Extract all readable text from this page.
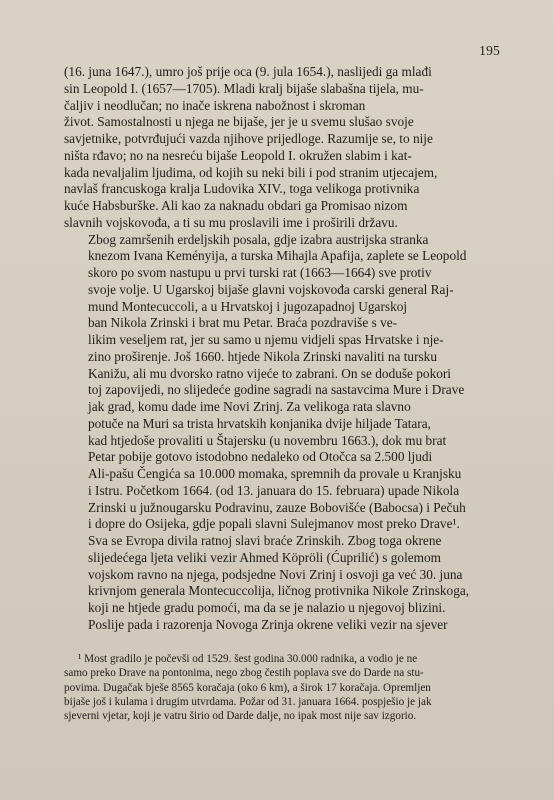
195

(16. juna 1647.), umro još prije oca (9. jula 1654.), naslijedi ga mlađi
sin Leopold I. (1657—1705). Mladi kralj bijaše slabašna tijela, mu-
čaljiv i neodlučan; no inače iskrena nabožnost i skroman
život. Samostalnosti u njega ne bijaše, jer je u svemu slušao svoje
savjetnike, potvrđujući vazda njihove prijedloge. Razumije se, to nije
ništa rđavo; no na nesreću bijaše Leopold I. okružen slabim i kat-
kada nevaljalim ljudima, od kojih su neki bili i pod stranim utjecajem,
navlaš francuskoga kralja Ludovika XIV., toga velikoga protivnika
kuće Habsburške. Ali kao za naknadu obdari ga Promisao nizom
slavnih vojskovođa, a ti su mu proslavili ime i proširili državu.

Zbog zamršenih erdeljskih posala, gdje izabra austrijska stranka
knezom Ivana Keményija, a turska Mihajla Apafija, zaplete se Leopold
skoro po svom nastupu u prvi turski rat (1663—1664) sve protiv
svoje volje. U Ugarskoj bijaše glavni vojskovođa carski general Raj-
mund Montecuccoli, a u Hrvatskoj i jugozapadnoj Ugarskoj
ban Nikola Zrinski i brat mu Petar. Braća pozdraviše s ve-
likim veseljem rat, jer su samo u njemu vidjeli spas Hrvatske i nje-
zino proširenje. Još 1660. htjede Nikola Zrinski navaliti na tursku
Kanižu, ali mu dvorsko ratno vijeće to zabrani. On se doduše pokori
toj zapovijedi, no slijedeće godine sagradi na sastavcima Mure i Drave
jak grad, komu dade ime Novi Zrinj. Za velikoga rata slavno
potuče na Muri sa trista hrvatskih konjanika dvije hiljade Tatara,
kad htjedoše provaliti u Štajersku (u novembru 1663.), dok mu brat
Petar pobije gotovo istodobno nedaleko od Otočca sa 2.500 ljudi
Ali-pašu Čengića sa 10.000 momaka, spremnih da provale u Kranjsku
i Istru. Početkom 1664. (od 13. januara do 15. februara) upade Nikola
Zrinski u južnougarsku Podravinu, zauze Bobovišće (Babocsa) i Pečuh
i dopre do Osijeka, gdje popali slavni Sulejmanov most preko Drave¹.
Sva se Evropa divila ratnoj slavi braće Zrinskih. Zbog toga okrene
slijedećega ljeta veliki vezir Ahmed Köpröli (Ćuprilić) s golemom
vojskom ravno na njega, podsjedne Novi Zrinj i osvoji ga već 30. juna
krivnjom generala Montecuccolija, ličnog protivnika Nikole Zrinskoga,
koji ne htjede gradu pomoći, ma da se je nalazio u njegovoj blizini.
Poslije pada i razorenja Novoga Zrinja okrene veliki vezir na sjever

¹ Most gradilo je počevši od 1529. šest godina 30.000 radnika, a vodio je ne
samo preko Drave na pontonima, nego zbog čestih poplava sve do Darde na stu-
povima. Dugačak bješe 8565 koračaja (oko 6 km), a širok 17 koračaja. Opremljen
bijaše još i kulama i drugim utvrdama. Požar od 31. januara 1664. pospješio je jak
sjeverni vjetar, koji je vatru širio od Darde dalje, no ipak most nije sav izgorio.
